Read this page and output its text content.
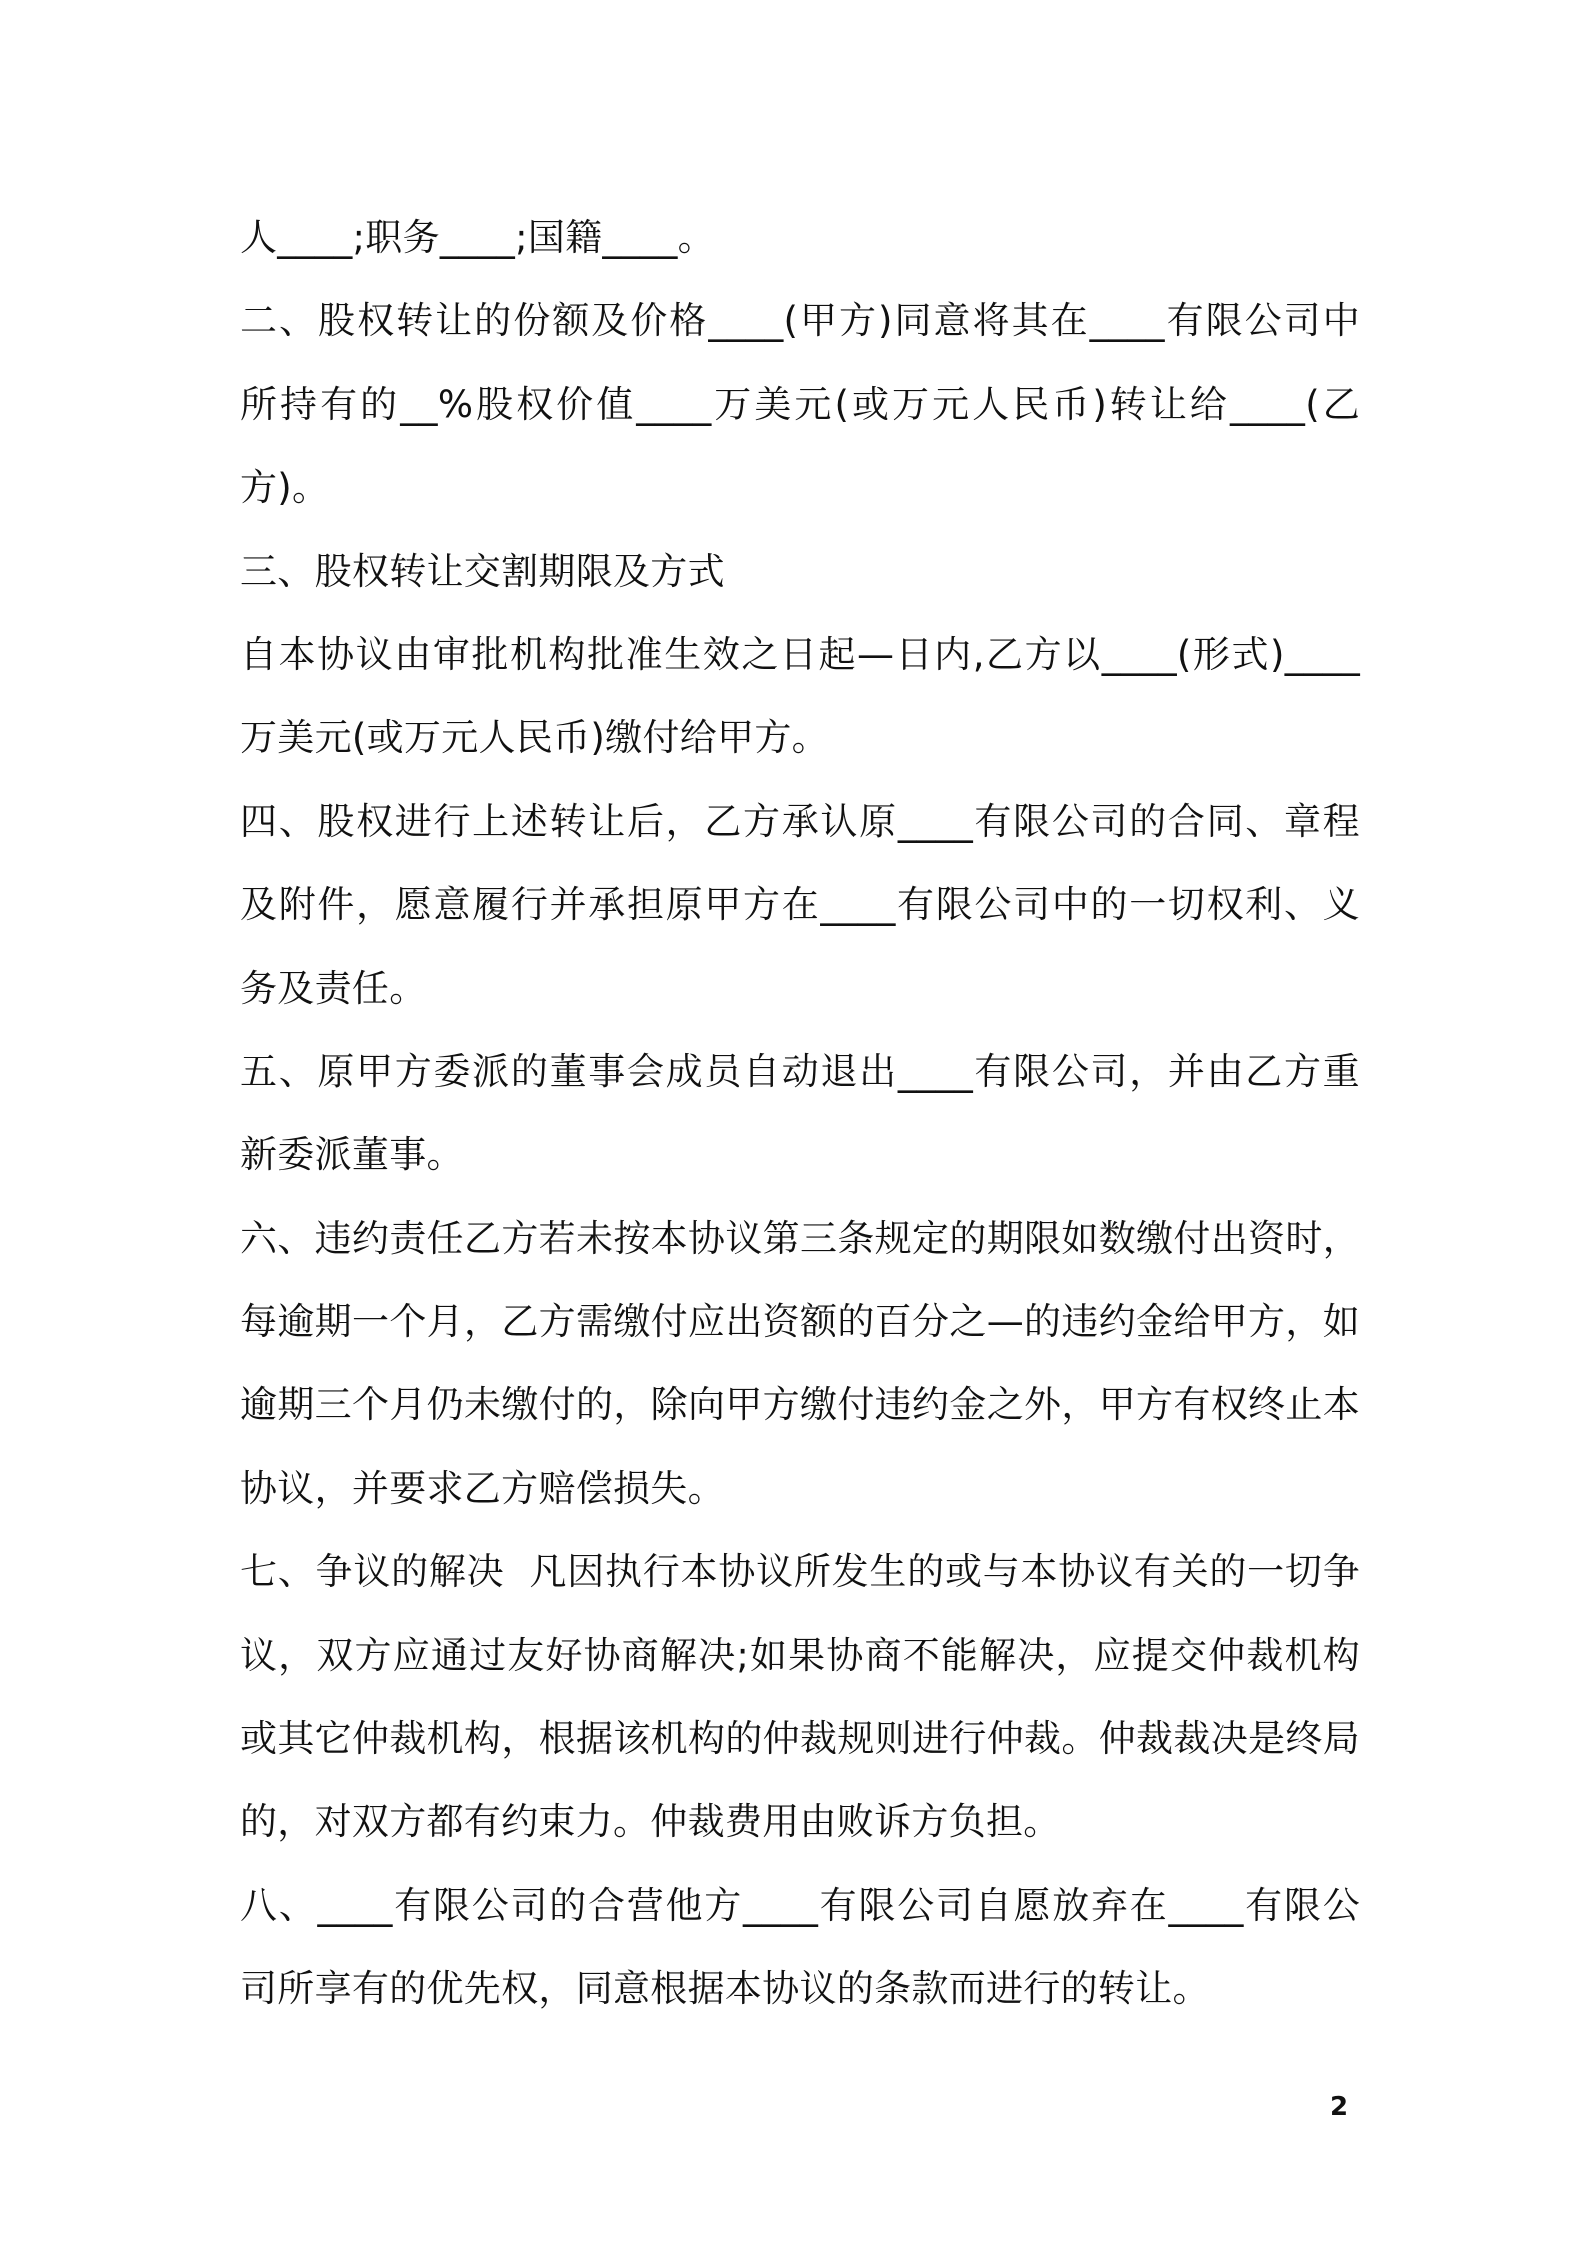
人____;职务____;国籍____。
二、股权转让的份额及价格____(甲方)同意将其在____有限公司中
所持有的__%股权价值____万美元(或万元人民币)转让给____(乙
方)。
三、股权转让交割期限及方式
自本协议由审批机构批准生效之日起—日内,乙方以____(形式)____
万美元(或万元人民币)缴付给甲方。
四、股权进行上述转让后，乙方承认原____有限公司的合同、章程
及附件，愿意履行并承担原甲方在____有限公司中的一切权利、义
务及责任。
五、原甲方委派的董事会成员自动退出____有限公司，并由乙方重
新委派董事。
六、违约责任乙方若未按本协议第三条规定的期限如数缴付出资时，
每逾期一个月，乙方需缴付应出资额的百分之—的违约金给甲方，如
逾期三个月仍未缴付的，除向甲方缴付违约金之外，甲方有权终止本
协议，并要求乙方赔偿损失。
七、争议的解决  凡因执行本协议所发生的或与本协议有关的一切争
议，双方应通过友好协商解决;如果协商不能解决，应提交仲裁机构
或其它仲裁机构，根据该机构的仲裁规则进行仲裁。仲裁裁决是终局
的，对双方都有约束力。仲裁费用由败诉方负担。
八、____有限公司的合营他方____有限公司自愿放弃在____有限公
司所享有的优先权，同意根据本协议的条款而进行的转让。
2
